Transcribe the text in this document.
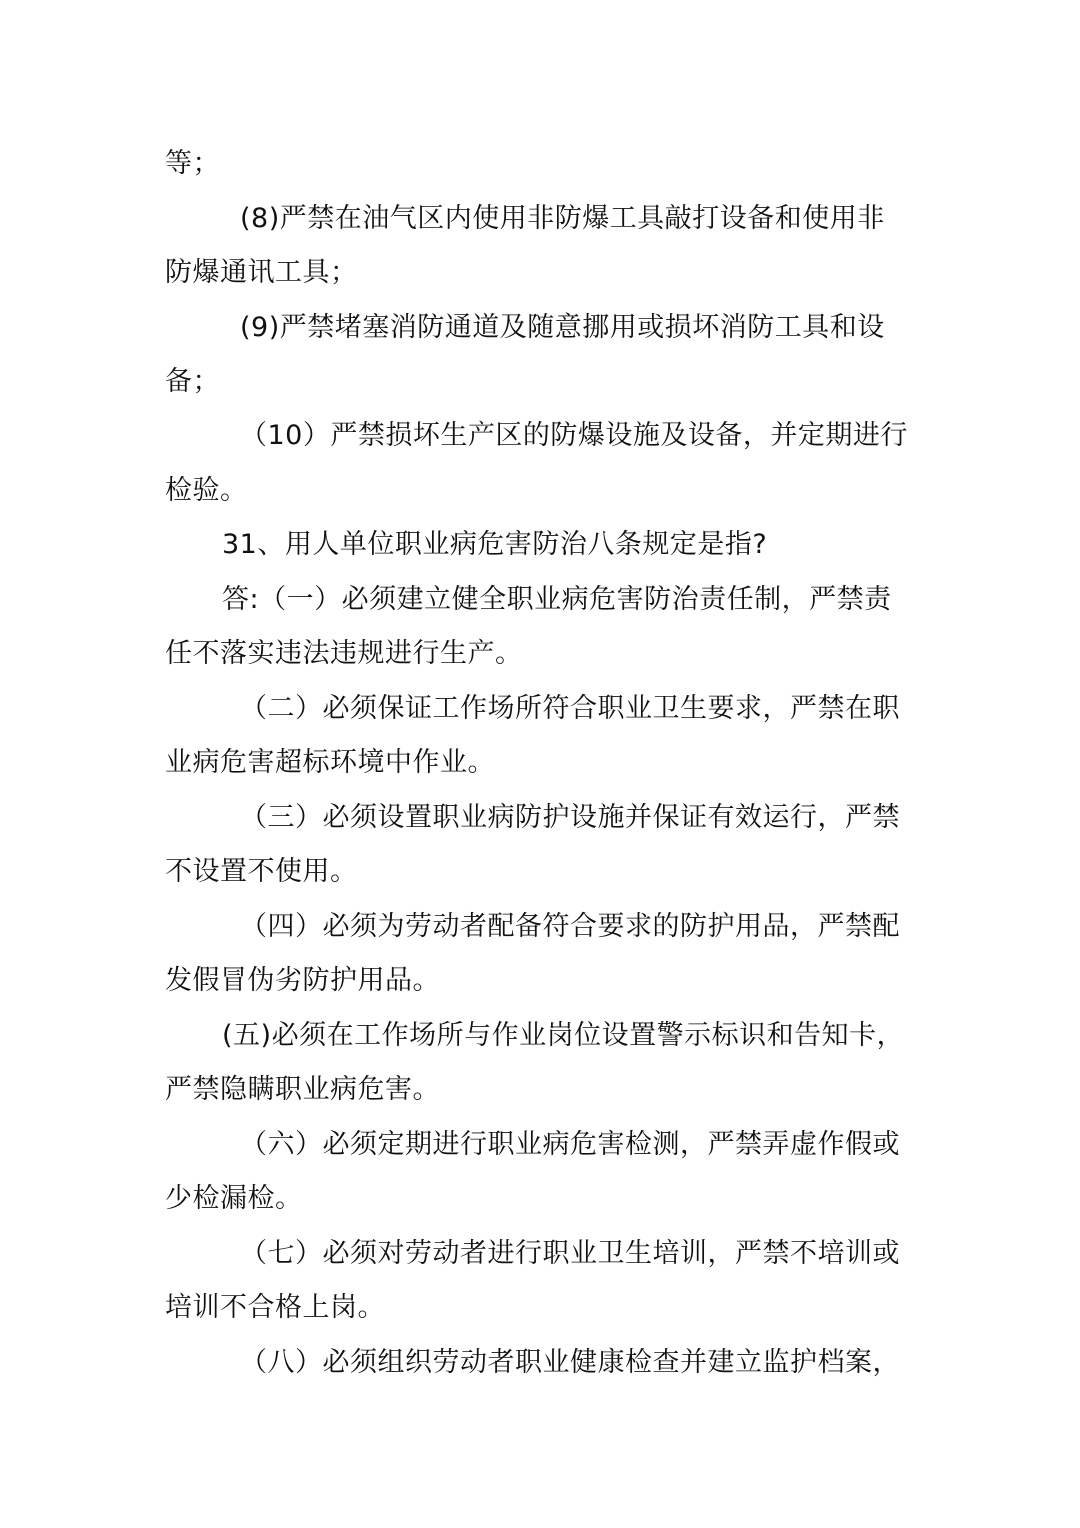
等；
(8)严禁在油气区内使用非防爆工具敲打设备和使用非
防爆通讯工具；
(9)严禁堵塞消防通道及随意挪用或损坏消防工具和设
备；
（10）严禁损坏生产区的防爆设施及设备，并定期进行
检验。
31、用人单位职业病危害防治八条规定是指?
答:（一）必须建立健全职业病危害防治责任制，严禁责
任不落实违法违规进行生产。
（二）必须保证工作场所符合职业卫生要求，严禁在职
业病危害超标环境中作业。
（三）必须设置职业病防护设施并保证有效运行，严禁
不设置不使用。
（四）必须为劳动者配备符合要求的防护用品，严禁配
发假冒伪劣防护用品。
(五)必须在工作场所与作业岗位设置警示标识和告知卡，
严禁隐瞒职业病危害。
（六）必须定期进行职业病危害检测，严禁弄虚作假或
少检漏检。
（七）必须对劳动者进行职业卫生培训，严禁不培训或
培训不合格上岗。
（八）必须组织劳动者职业健康检查并建立监护档案，
